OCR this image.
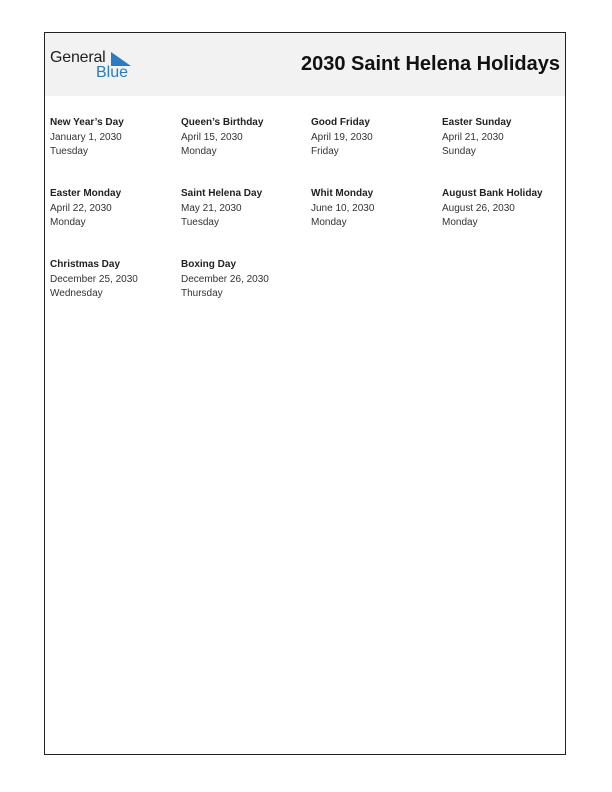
General
Blue	2030 Saint Helena Holidays
New Year’s Day
January 1, 2030
Tuesday
Queen’s Birthday
April 15, 2030
Monday
Good Friday
April 19, 2030
Friday
Easter Sunday
April 21, 2030
Sunday
Easter Monday
April 22, 2030
Monday
Saint Helena Day
May 21, 2030
Tuesday
Whit Monday
June 10, 2030
Monday
August Bank Holiday
August 26, 2030
Monday
Christmas Day
December 25, 2030
Wednesday
Boxing Day
December 26, 2030
Thursday
